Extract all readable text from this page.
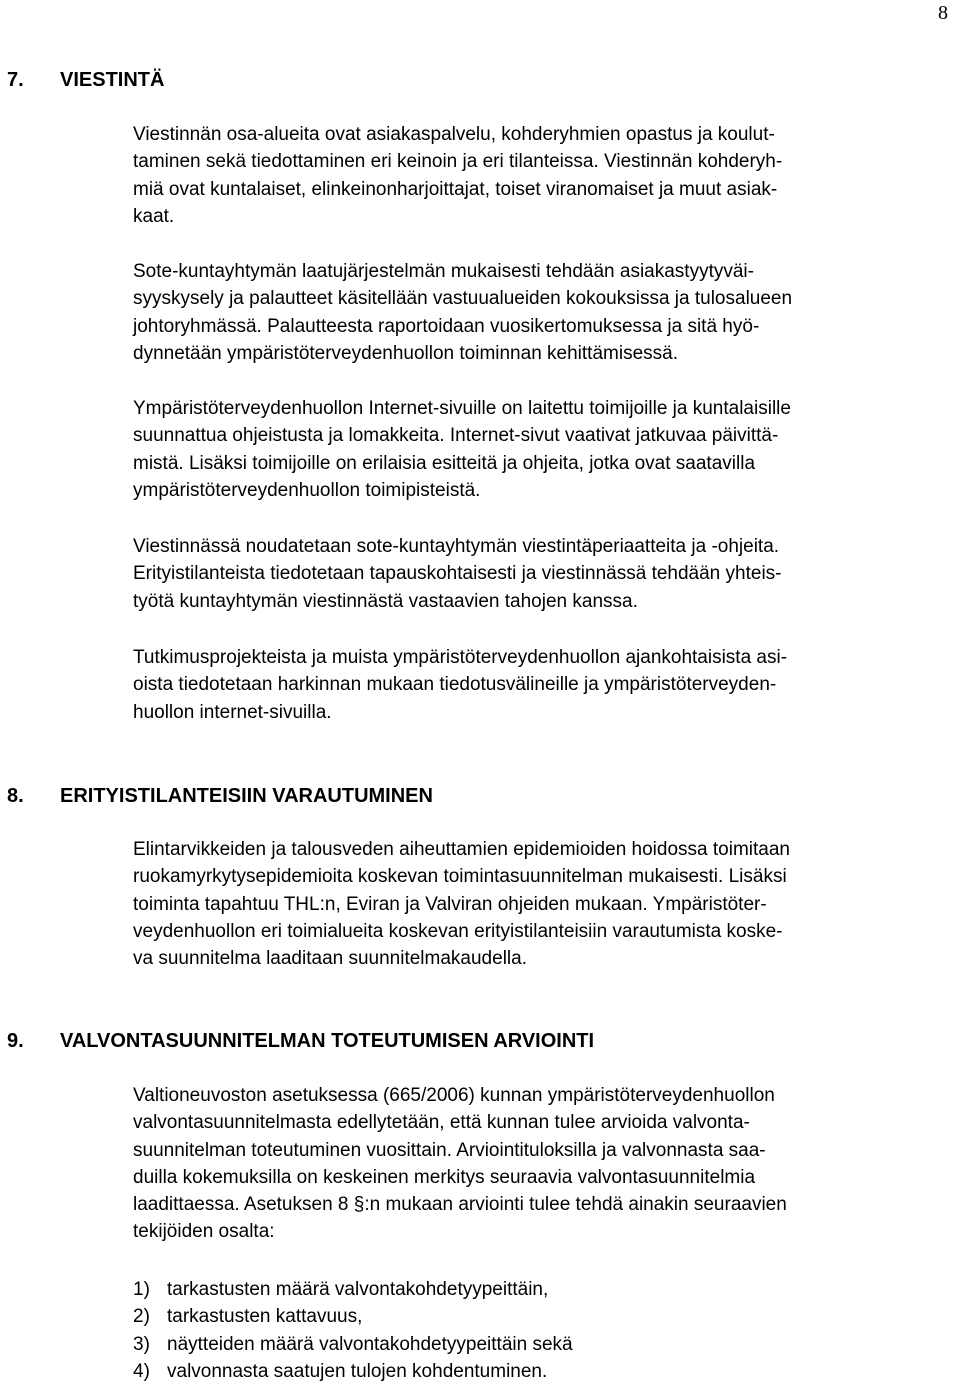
8
7. VIESTINTÄ

Viestinnän osa-alueita ovat asiakaspalvelu, kohderyhmien opastus ja koulut-
taminen sekä tiedottaminen eri keinoin ja eri tilanteissa. Viestinnän kohderyh-
miä ovat kuntalaiset, elinkeinonharjoittajat, toiset viranomaiset ja muut asiak-
kaat.

Sote-kuntayhtymän laatujärjestelmän mukaisesti tehdään asiakastyytyväi-
syyskysely ja palautteet käsitellään vastuualueiden kokouksissa ja tulosalueen
johtoryhmässä. Palautteesta raportoidaan vuosikertomuksessa ja sitä hyö-
dynnetään ympäristöterveydenhuollon toiminnan kehittämisessä.

Ympäristöterveydenhuollon Internet-sivuille on laitettu toimijoille ja kuntalaisille
suunnattua ohjeistusta ja lomakkeita. Internet-sivut vaativat jatkuvaa päivittä-
mistä. Lisäksi toimijoille on erilaisia esitteitä ja ohjeita, jotka ovat saatavilla
ympäristöterveydenhuollon toimipisteistä.

Viestinnässä noudatetaan sote-kuntayhtymän viestintäperiaatteita ja -ohjeita.
Erityistilanteista tiedotetaan tapauskohtaisesti ja viestinnässä tehdään yhteis-
työtä kuntayhtymän viestinnästä vastaavien tahojen kanssa.

Tutkimusprojekteista ja muista ympäristöterveydenhuollon ajankohtaisista asi-
oista tiedotetaan harkinnan mukaan tiedotusvälineille ja ympäristöterveyden-
huollon internet-sivuilla.

8. ERITYISTILANTEISIIN VARAUTUMINEN

Elintarvikkeiden ja talousveden aiheuttamien epidemioiden hoidossa toimitaan
ruokamyrkytysepidemioita koskevan toimintasuunnitelman mukaisesti. Lisäksi
toiminta tapahtuu THL:n, Eviran ja Valviran ohjeiden mukaan. Ympäristöter-
veydenhuollon eri toimialueita koskevan erityistilanteisiin varautumista koske-
va suunnitelma laaditaan suunnitelmakaudella.

9. VALVONTASUUNNITELMAN TOTEUTUMISEN ARVIOINTI

Valtioneuvoston asetuksessa (665/2006) kunnan ympäristöterveydenhuollon
valvontasuunnitelmasta edellytetään, että kunnan tulee arvioida valvonta-
suunnitelman toteutuminen vuosittain. Arviointituloksilla ja valvonnasta saa-
duilla kokemuksilla on keskeinen merkitys seuraavia valvontasuunnitelmia
laadittaessa. Asetuksen 8 §:n mukaan arviointi tulee tehdä ainakin seuraavien
tekijöiden osalta:

1) tarkastusten määrä valvontakohdetyypeittäin,
2) tarkastusten kattavuus,
3) näytteiden määrä valvontakohdetyypeittäin sekä
4) valvonnasta saatujen tulojen kohdentuminen.
